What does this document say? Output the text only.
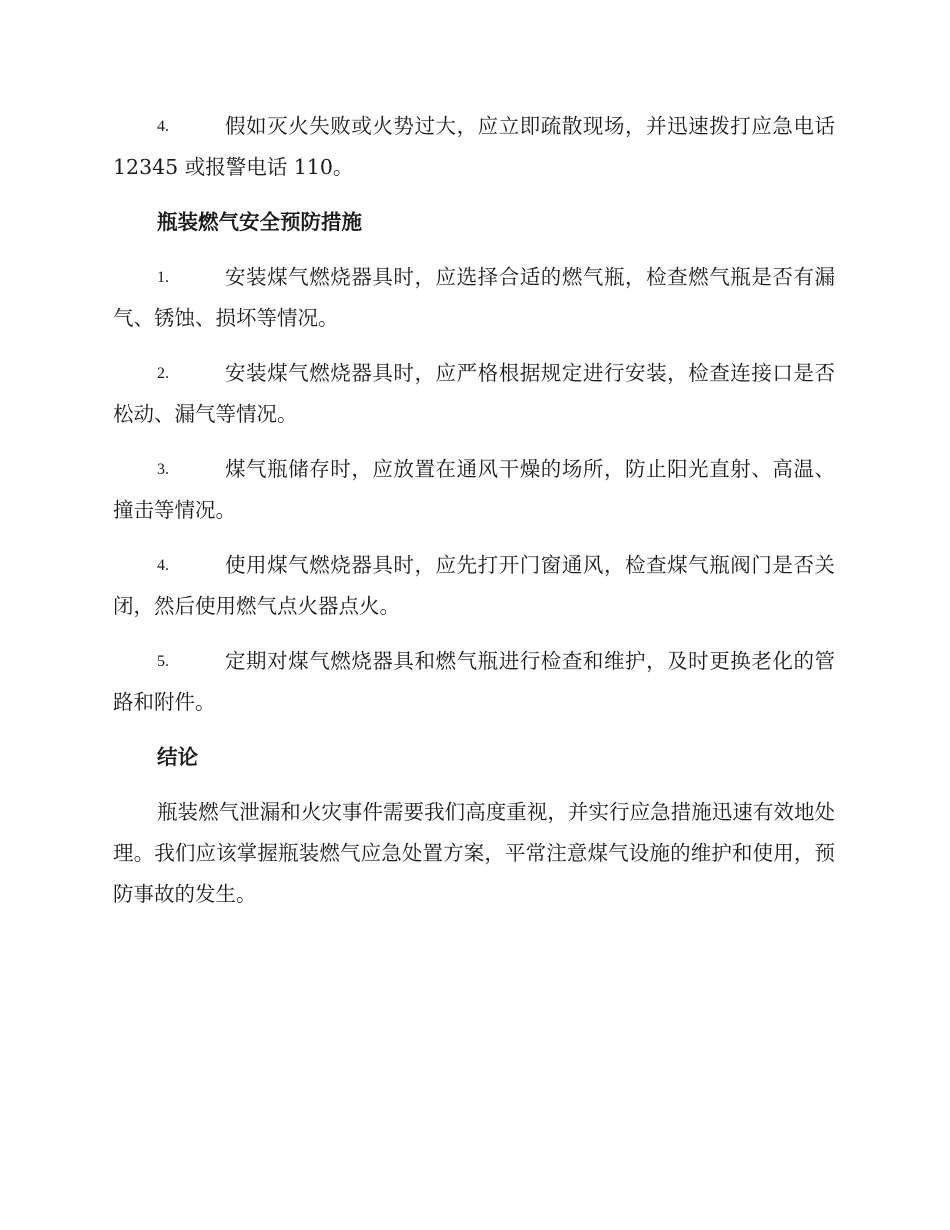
4.	假如灭火失败或火势过大，应立即疏散现场，并迅速拨打应急电话 12345 或报警电话 110。

瓶装燃气安全预防措施

1.	安装煤气燃烧器具时，应选择合适的燃气瓶，检查燃气瓶是否有漏气、锈蚀、损坏等情况。

2.	安装煤气燃烧器具时，应严格根据规定进行安装，检查连接口是否松动、漏气等情况。

3.	煤气瓶储存时，应放置在通风干燥的场所，防止阳光直射、高温、撞击等情况。

4.	使用煤气燃烧器具时，应先打开门窗通风，检查煤气瓶阀门是否关闭，然后使用燃气点火器点火。

5.	定期对煤气燃烧器具和燃气瓶进行检查和维护，及时更换老化的管路和附件。

结论

瓶装燃气泄漏和火灾事件需要我们高度重视，并实行应急措施迅速有效地处理。我们应该掌握瓶装燃气应急处置方案，平常注意煤气设施的维护和使用，预防事故的发生。
